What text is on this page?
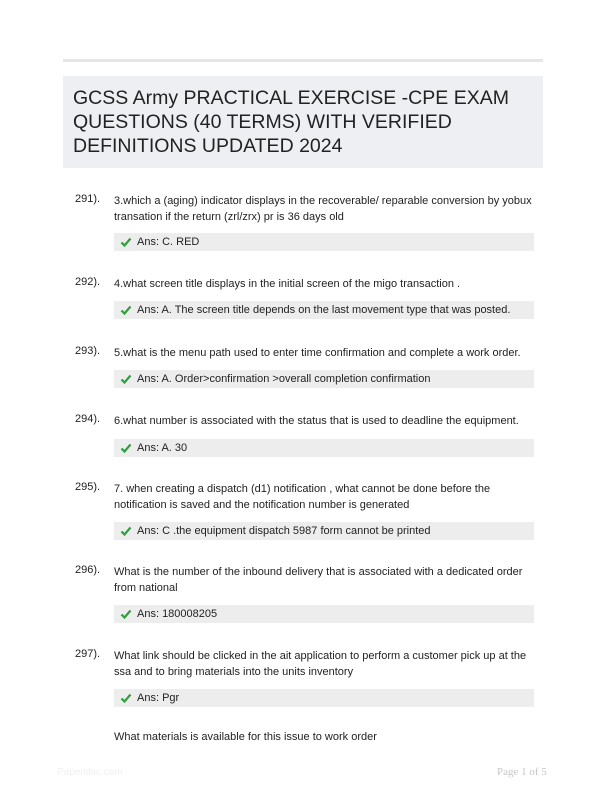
GCSS Army PRACTICAL EXERCISE -CPE EXAM QUESTIONS (40 TERMS) WITH VERIFIED DEFINITIONS UPDATED 2024
291). 3.which a (aging) indicator displays in the recoverable/ reparable conversion by yobux transation if the return (zrl/zrx) pr is 36 days old
Ans: C. RED
292). 4.what screen title displays in the initial screen of the migo transaction .
Ans: A. The screen title depends on the last movement type that was posted.
293). 5.what is the menu path used to enter time confirmation and complete a work order.
Ans: A. Order>confirmation >overall completion confirmation
294). 6.what number is associated with the status that is used to deadline the equipment.
Ans: A. 30
295). 7. when creating a dispatch (d1) notification , what cannot be done before the notification is saved and the notification number is generated
Ans: C .the equipment dispatch 5987 form cannot be printed
296). What is the number of the inbound delivery that is associated with a dedicated order from national
Ans: 180008205
297). What link should be clicked in the ait application to perform a customer pick up at the ssa and to bring materials into the units inventory
Ans: Pgr
What materials is available for this issue to work order
Paperlibic.com	Page 1 of 5
